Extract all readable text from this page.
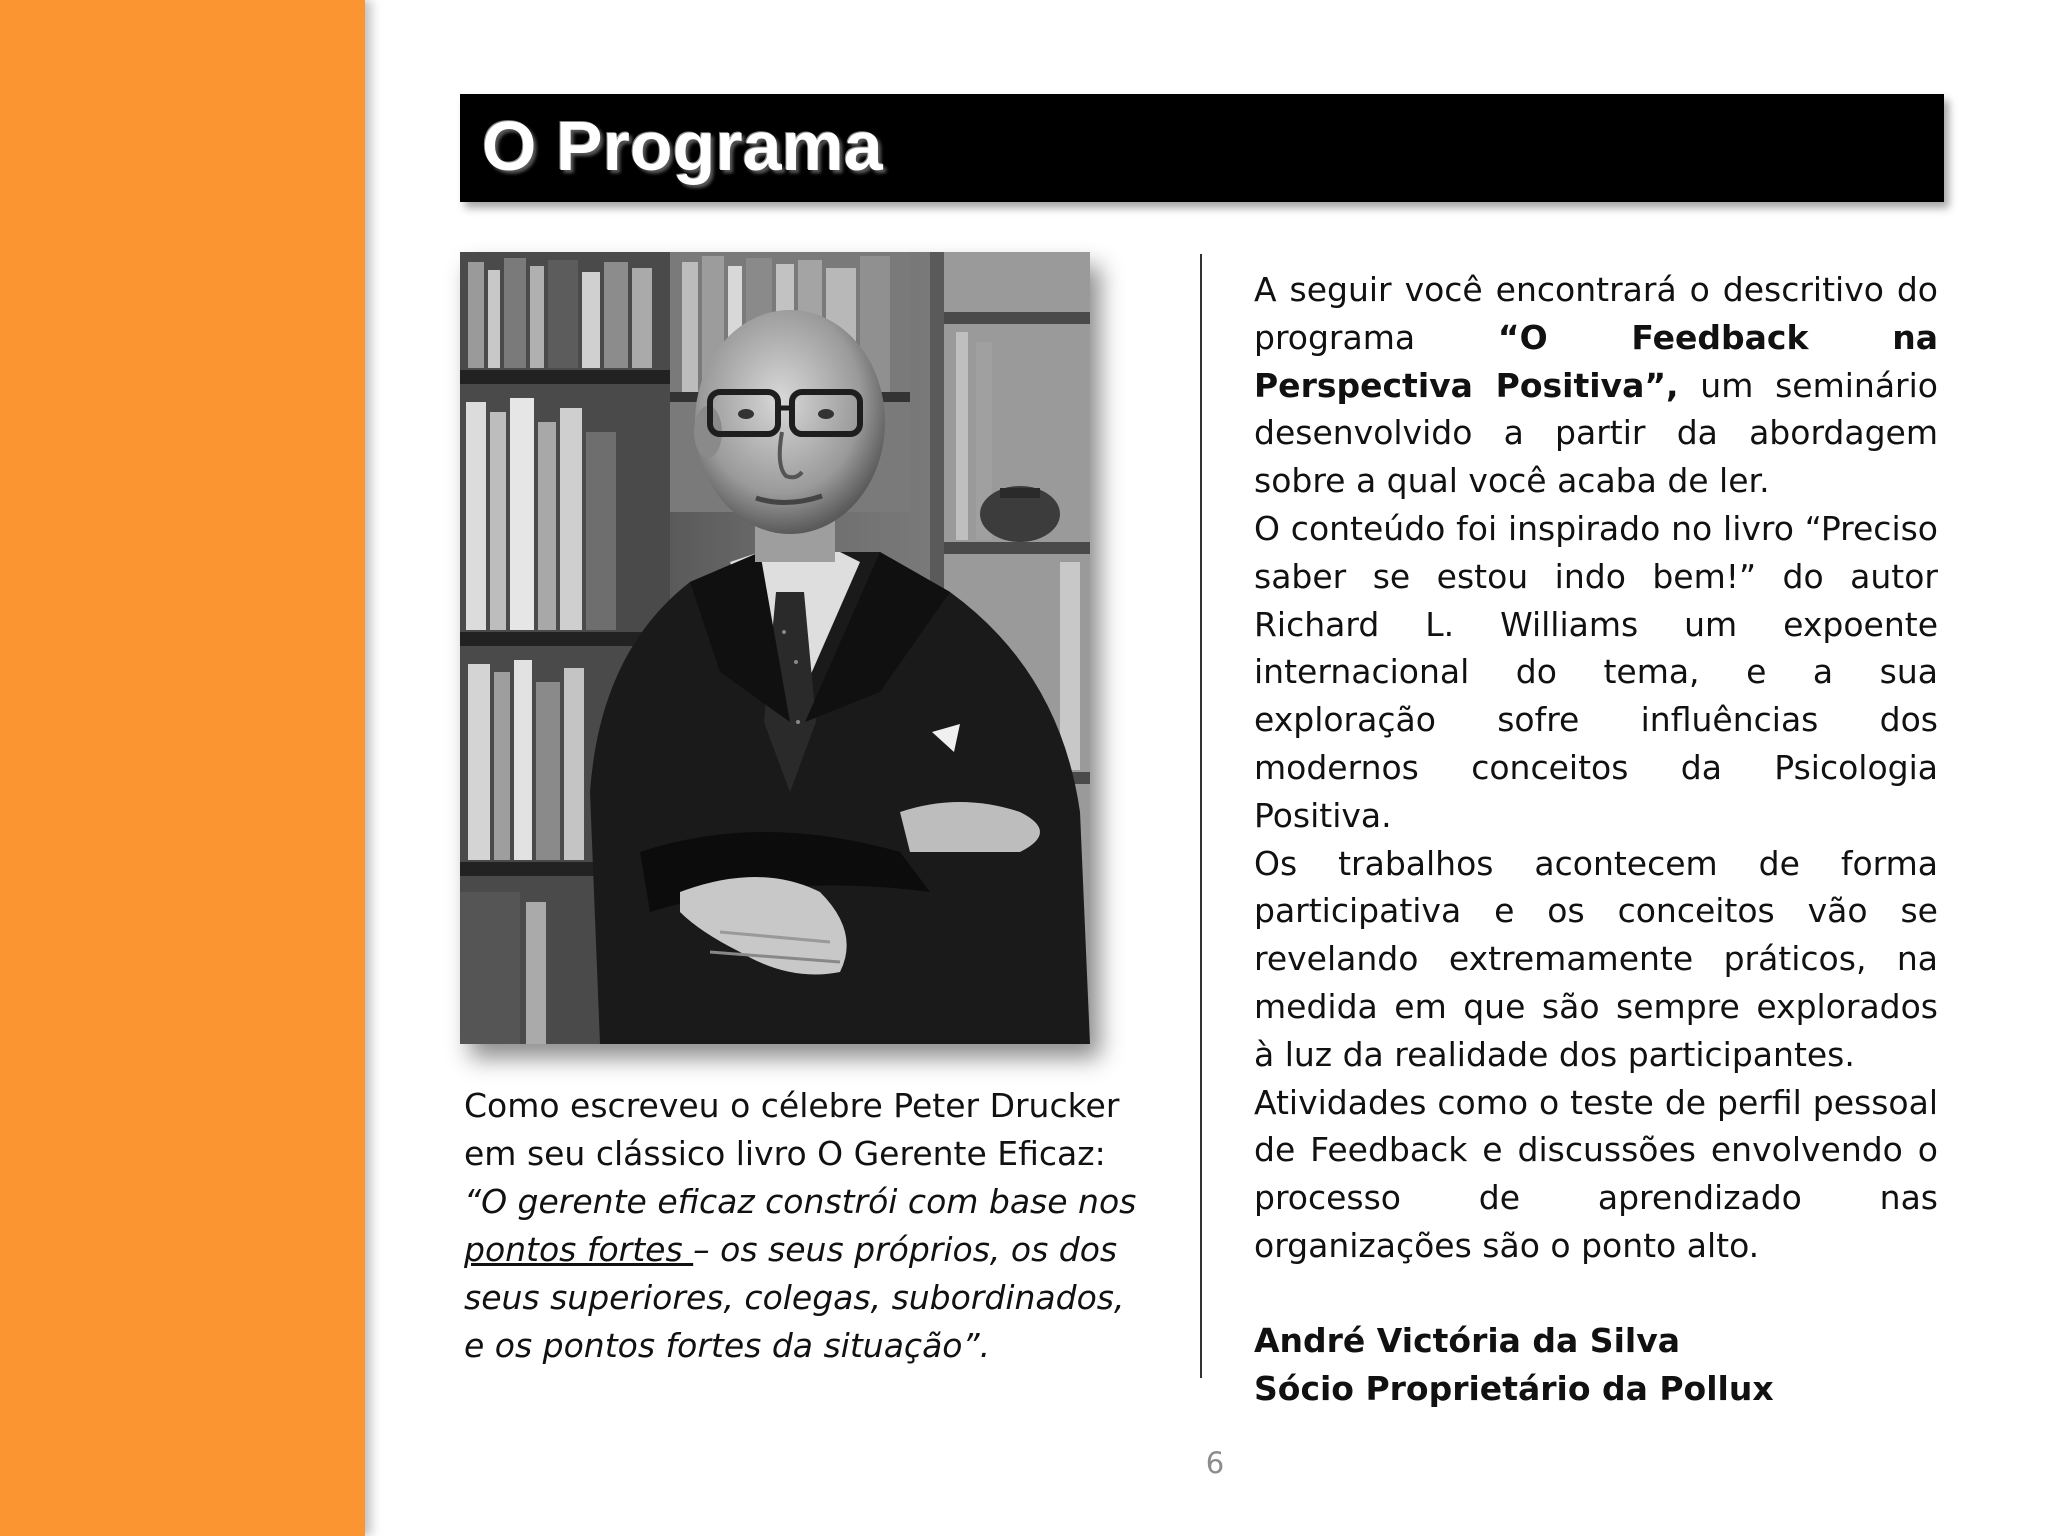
O Programa

Como escreveu o célebre Peter Drucker
em seu clássico livro O Gerente Eficaz:
“O gerente eficaz constrói com base nos
pontos fortes – os seus próprios, os dos seus superiores, colegas, subordinados, e os pontos fortes da situação”.

A seguir você encontrará o descritivo do programa “O Feedback na Perspectiva Positiva”, um seminário desenvolvido a partir da abordagem sobre a qual você acaba de ler.

O conteúdo foi inspirado no livro “Preciso saber se estou indo bem!” do autor Richard L. Williams um expoente internacional do tema, e a sua exploração sofre influências dos modernos conceitos da Psicologia Positiva.

Os trabalhos acontecem de forma participativa e os conceitos vão se revelando extremamente práticos, na medida em que são sempre explorados à luz da realidade dos participantes.

Atividades como o teste de perfil pessoal de Feedback e discussões envolvendo o processo de aprendizado nas organizações são o ponto alto.

André Victória da Silva
Sócio Proprietário da Pollux

6
